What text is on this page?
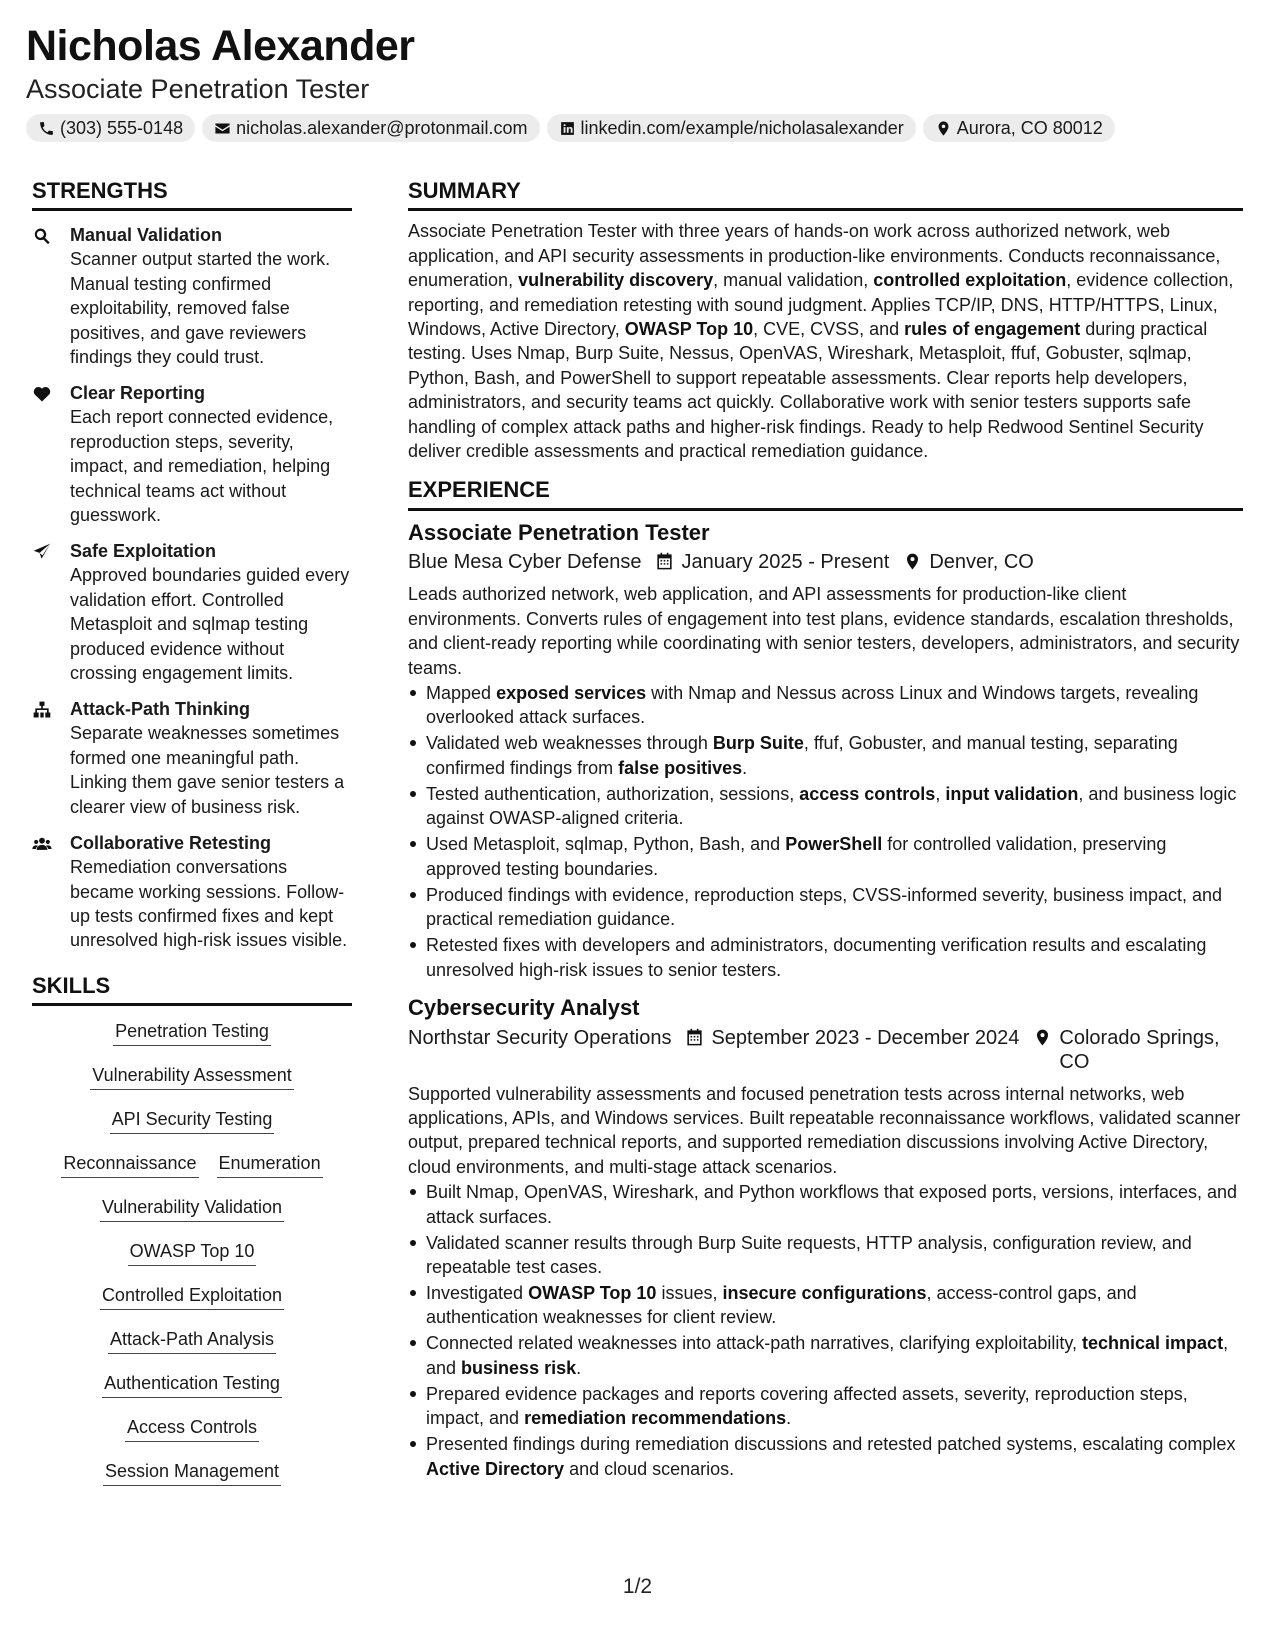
Nicholas Alexander
Associate Penetration Tester
(303) 555-0148	nicholas.alexander@protonmail.com	linkedin.com/example/nicholasalexander	Aurora, CO 80012
STRENGTHS
Manual Validation
Scanner output started the work. Manual testing confirmed exploitability, removed false positives, and gave reviewers findings they could trust.
Clear Reporting
Each report connected evidence, reproduction steps, severity, impact, and remediation, helping technical teams act without guesswork.
Safe Exploitation
Approved boundaries guided every validation effort. Controlled Metasploit and sqlmap testing produced evidence without crossing engagement limits.
Attack-Path Thinking
Separate weaknesses sometimes formed one meaningful path. Linking them gave senior testers a clearer view of business risk.
Collaborative Retesting
Remediation conversations became working sessions. Follow-up tests confirmed fixes and kept unresolved high-risk issues visible.
SKILLS
Penetration Testing
Vulnerability Assessment
API Security Testing
Reconnaissance Enumeration
Vulnerability Validation
OWASP Top 10
Controlled Exploitation
Attack-Path Analysis
Authentication Testing
Access Controls
Session Management
SUMMARY
Associate Penetration Tester with three years of hands-on work across authorized network, web application, and API security assessments in production-like environments. Conducts reconnaissance, enumeration, vulnerability discovery, manual validation, controlled exploitation, evidence collection, reporting, and remediation retesting with sound judgment. Applies TCP/IP, DNS, HTTP/HTTPS, Linux, Windows, Active Directory, OWASP Top 10, CVE, CVSS, and rules of engagement during practical testing. Uses Nmap, Burp Suite, Nessus, OpenVAS, Wireshark, Metasploit, ffuf, Gobuster, sqlmap, Python, Bash, and PowerShell to support repeatable assessments. Clear reports help developers, administrators, and security teams act quickly. Collaborative work with senior testers supports safe handling of complex attack paths and higher-risk findings. Ready to help Redwood Sentinel Security deliver credible assessments and practical remediation guidance.
EXPERIENCE
Associate Penetration Tester
Blue Mesa Cyber Defense January 2025 - Present Denver, CO
Leads authorized network, web application, and API assessments for production-like client environments. Converts rules of engagement into test plans, evidence standards, escalation thresholds, and client-ready reporting while coordinating with senior testers, developers, administrators, and security teams.
Mapped exposed services with Nmap and Nessus across Linux and Windows targets, revealing overlooked attack surfaces.
Validated web weaknesses through Burp Suite, ffuf, Gobuster, and manual testing, separating confirmed findings from false positives.
Tested authentication, authorization, sessions, access controls, input validation, and business logic against OWASP-aligned criteria.
Used Metasploit, sqlmap, Python, Bash, and PowerShell for controlled validation, preserving approved testing boundaries.
Produced findings with evidence, reproduction steps, CVSS-informed severity, business impact, and practical remediation guidance.
Retested fixes with developers and administrators, documenting verification results and escalating unresolved high-risk issues to senior testers.
Cybersecurity Analyst
Northstar Security Operations September 2023 - December 2024 Colorado Springs, CO
Supported vulnerability assessments and focused penetration tests across internal networks, web applications, APIs, and Windows services. Built repeatable reconnaissance workflows, validated scanner output, prepared technical reports, and supported remediation discussions involving Active Directory, cloud environments, and multi-stage attack scenarios.
Built Nmap, OpenVAS, Wireshark, and Python workflows that exposed ports, versions, interfaces, and attack surfaces.
Validated scanner results through Burp Suite requests, HTTP analysis, configuration review, and repeatable test cases.
Investigated OWASP Top 10 issues, insecure configurations, access-control gaps, and authentication weaknesses for client review.
Connected related weaknesses into attack-path narratives, clarifying exploitability, technical impact, and business risk.
Prepared evidence packages and reports covering affected assets, severity, reproduction steps, impact, and remediation recommendations.
Presented findings during remediation discussions and retested patched systems, escalating complex Active Directory and cloud scenarios.
1/2
